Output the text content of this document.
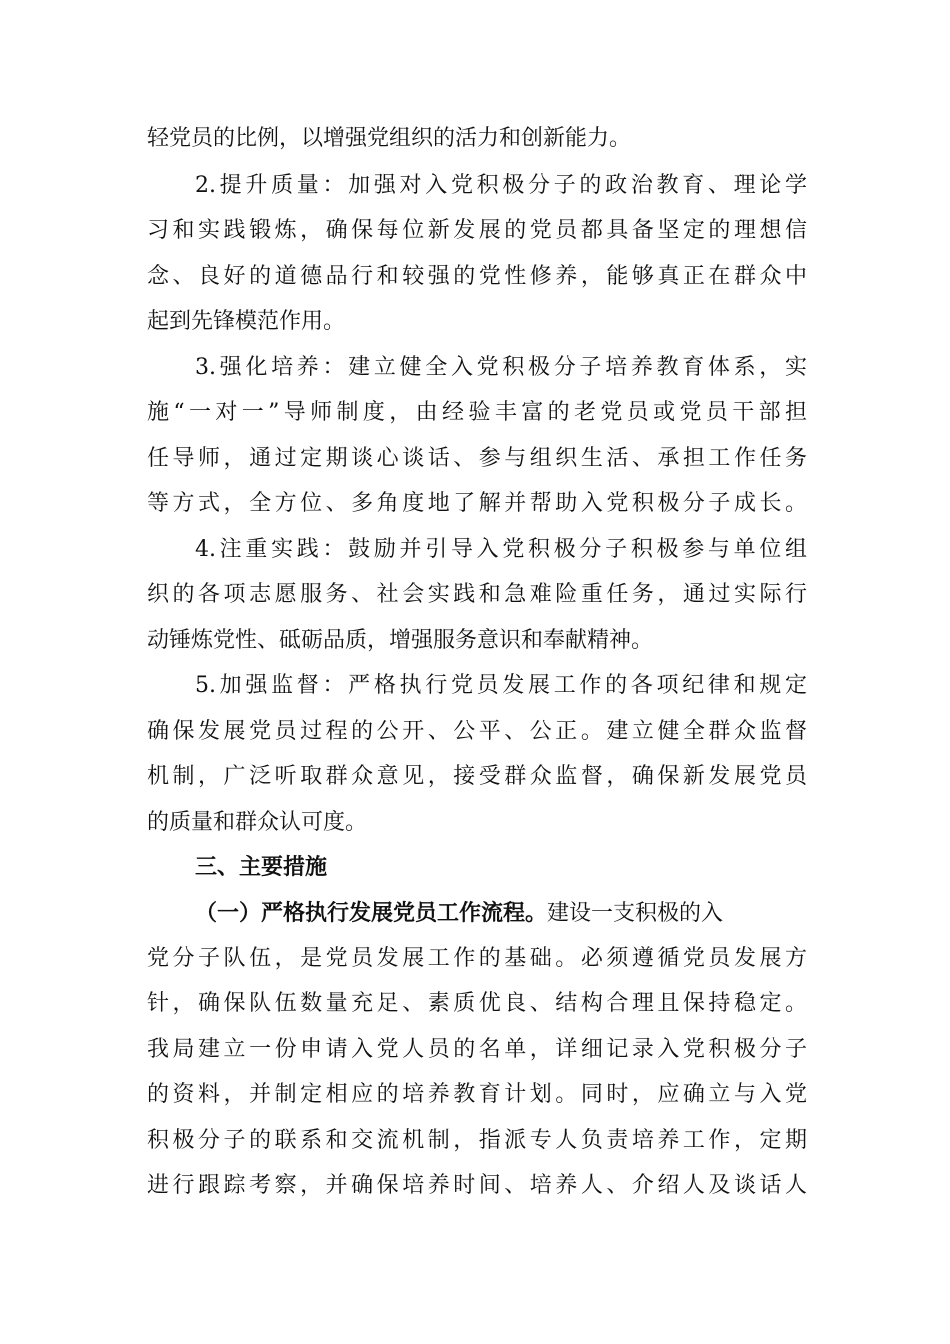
轻党员的比例，以增强党组织的活力和创新能力。
2.提升质量：加强对入党积极分子的政治教育、理论学
习和实践锻炼，确保每位新发展的党员都具备坚定的理想信
念、良好的道德品行和较强的党性修养，能够真正在群众中
起到先锋模范作用。
3.强化培养：建立健全入党积极分子培养教育体系，实
施“一对一”导师制度，由经验丰富的老党员或党员干部担
任导师，通过定期谈心谈话、参与组织生活、承担工作任务
等方式，全方位、多角度地了解并帮助入党积极分子成长。
4.注重实践：鼓励并引导入党积极分子积极参与单位组
织的各项志愿服务、社会实践和急难险重任务，通过实际行
动锤炼党性、砥砺品质，增强服务意识和奉献精神。
5.加强监督：严格执行党员发展工作的各项纪律和规定
确保发展党员过程的公开、公平、公正。建立健全群众监督
机制，广泛听取群众意见，接受群众监督，确保新发展党员
的质量和群众认可度。
三、主要措施
（一）严格执行发展党员工作流程。建设一支积极的入
党分子队伍，是党员发展工作的基础。必须遵循党员发展方
针，确保队伍数量充足、素质优良、结构合理且保持稳定。
我局建立一份申请入党人员的名单，详细记录入党积极分子
的资料，并制定相应的培养教育计划。同时，应确立与入党
积极分子的联系和交流机制，指派专人负责培养工作，定期
进行跟踪考察，并确保培养时间、培养人、介绍人及谈话人
